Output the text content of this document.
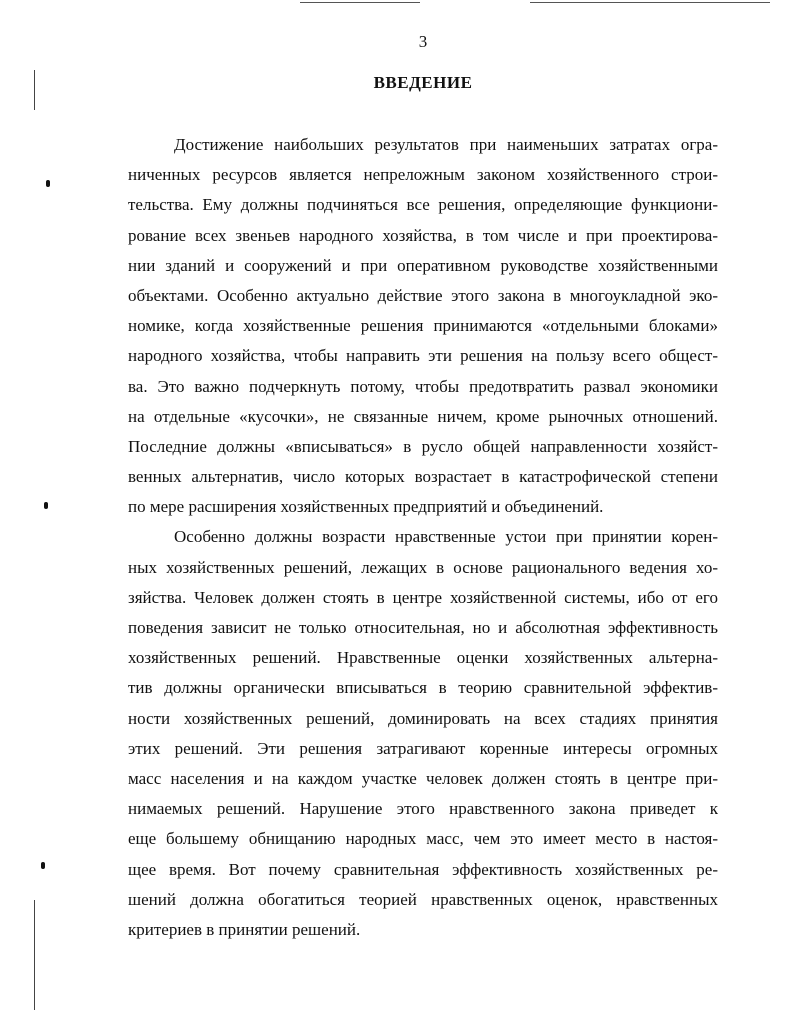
3
ВВЕДЕНИЕ
Достижение наибольших результатов при наименьших затратах огра-
ниченных ресурсов является непреложным законом хозяйственного строи-
тельства. Ему должны подчиняться все решения, определяющие функциони-
рование всех звеньев народного хозяйства, в том числе и при проектирова-
нии зданий и сооружений и при оперативном руководстве хозяйственными
объектами. Особенно актуально действие этого закона в многоукладной эко-
номике, когда хозяйственные решения принимаются «отдельными блоками»
народного хозяйства, чтобы направить эти решения на пользу всего общест-
ва. Это важно подчеркнуть потому, чтобы предотвратить развал экономики
на отдельные «кусочки», не связанные ничем, кроме рыночных отношений.
Последние должны «вписываться» в русло общей направленности хозяйст-
венных альтернатив, число которых возрастает в катастрофической степени
по мере расширения хозяйственных предприятий и объединений.
Особенно должны возрасти нравственные устои при принятии корен-
ных хозяйственных решений, лежащих в основе рационального ведения хо-
зяйства. Человек должен стоять в центре хозяйственной системы, ибо от его
поведения зависит не только относительная, но и абсолютная эффективность
хозяйственных решений. Нравственные оценки хозяйственных альтерна-
тив должны органически вписываться в теорию сравнительной эффектив-
ности хозяйственных решений, доминировать на всех стадиях принятия
этих решений. Эти решения затрагивают коренные интересы огромных
масс населения и на каждом участке человек должен стоять в центре при-
нимаемых решений. Нарушение этого нравственного закона приведет к
еще большему обнищанию народных масс, чем это имеет место в настоя-
щее время. Вот почему сравнительная эффективность хозяйственных ре-
шений должна обогатиться теорией нравственных оценок, нравственных
критериев в принятии решений.
